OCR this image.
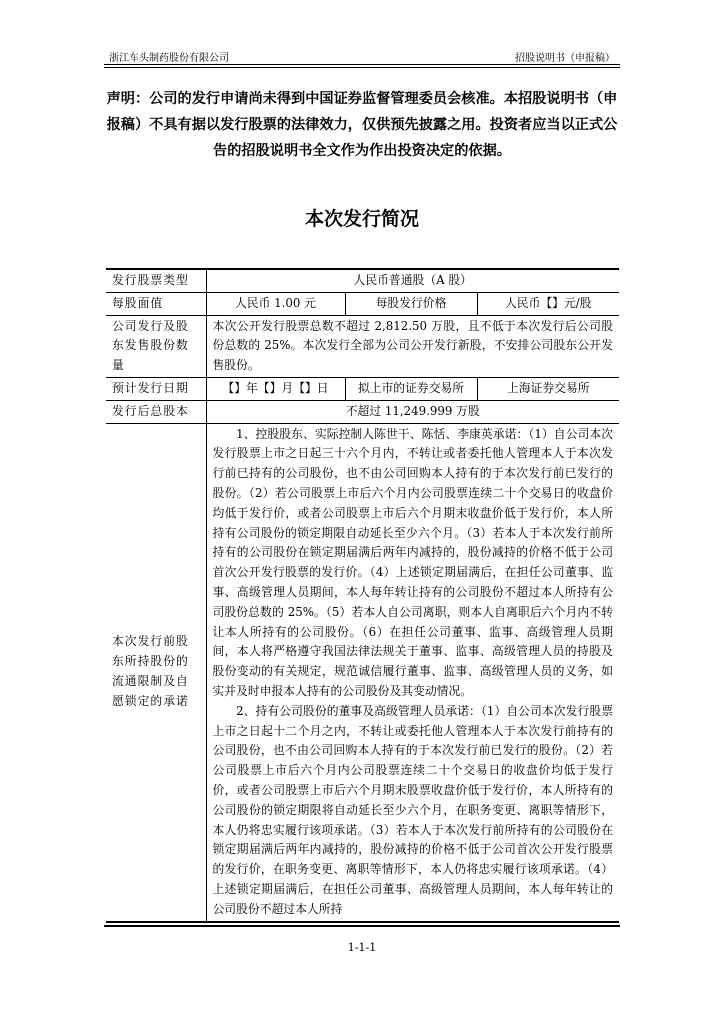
浙江车头制药股份有限公司	招股说明书（申报稿）
声明：公司的发行申请尚未得到中国证券监督管理委员会核准。本招股说明书（申报稿）不具有据以发行股票的法律效力，仅供预先披露之用。投资者应当以正式公告的招股说明书全文作为作出投资决定的依据。
本次发行简况
发行股票类型	人民币普通股（A 股）		
每股面值	人民币 1.00 元	每股发行价格	人民币【】元/股
公司发行及股东发售股份数量	本次公开发行股票总数不超过 2,812.50 万股，且不低于本次发行后公司股份总数的 25%。本次发行全部为公司公开发行新股，不安排公司股东公开发售股份。		
预计发行日期	【】年【】月【】日	拟上市的证券交易所	上海证券交易所
发行后总股本	不超过 11,249.999 万股		
本次发行前股东所持股份的流通限制及自愿锁定的承诺	1、控股股东、实际控制人陈世干、陈恬、李康英承诺：（1）自公司本次发行股票上市之日起三十六个月内，不转让或者委托他人管理本人于本次发行前已持有的公司股份，也不由公司回购本人持有的于本次发行前已发行的股份。（2）若公司股票上市后六个月内公司股票连续二十个交易日的收盘价均低于发行价，或者公司股票上市后六个月期末收盘价低于发行价，本人所持有公司股份的锁定期限自动延长至少六个月。（3）若本人于本次发行前所持有的公司股份在锁定期届满后两年内减持的，股份减持的价格不低于公司首次公开发行股票的发行价。（4）上述锁定期届满后，在担任公司董事、监事、高级管理人员期间，本人每年转让持有的公司股份不超过本人所持有公司股份总数的 25%。（5）若本人自公司离职，则本人自离职后六个月内不转让本人所持有的公司股份。（6）在担任公司董事、监事、高级管理人员期间，本人将严格遵守我国法律法规关于董事、监事、高级管理人员的持股及股份变动的有关规定，规范诚信履行董事、监事、高级管理人员的义务，如实并及时申报本人持有的公司股份及其变动情况。

2、持有公司股份的董事及高级管理人员承诺：（1）自公司本次发行股票上市之日起十二个月之内，不转让或委托他人管理本人于本次发行前持有的公司股份，也不由公司回购本人持有的于本次发行前已发行的股份。（2）若公司股票上市后六个月内公司股票连续二十个交易日的收盘价均低于发行价，或者公司股票上市后六个月期末股票收盘价低于发行价，本人所持有的公司股份的锁定期限将自动延长至少六个月，在职务变更、离职等情形下，本人仍将忠实履行该项承诺。（3）若本人于本次发行前所持有的公司股份在锁定期届满后两年内减持的，股份减持的价格不低于公司首次公开发行股票的发行价，在职务变更、离职等情形下，本人仍将忠实履行该项承诺。（4）上述锁定期届满后，在担任公司董事、高级管理人员期间，本人每年转让的公司股份不超过本人所持		

1-1-1
